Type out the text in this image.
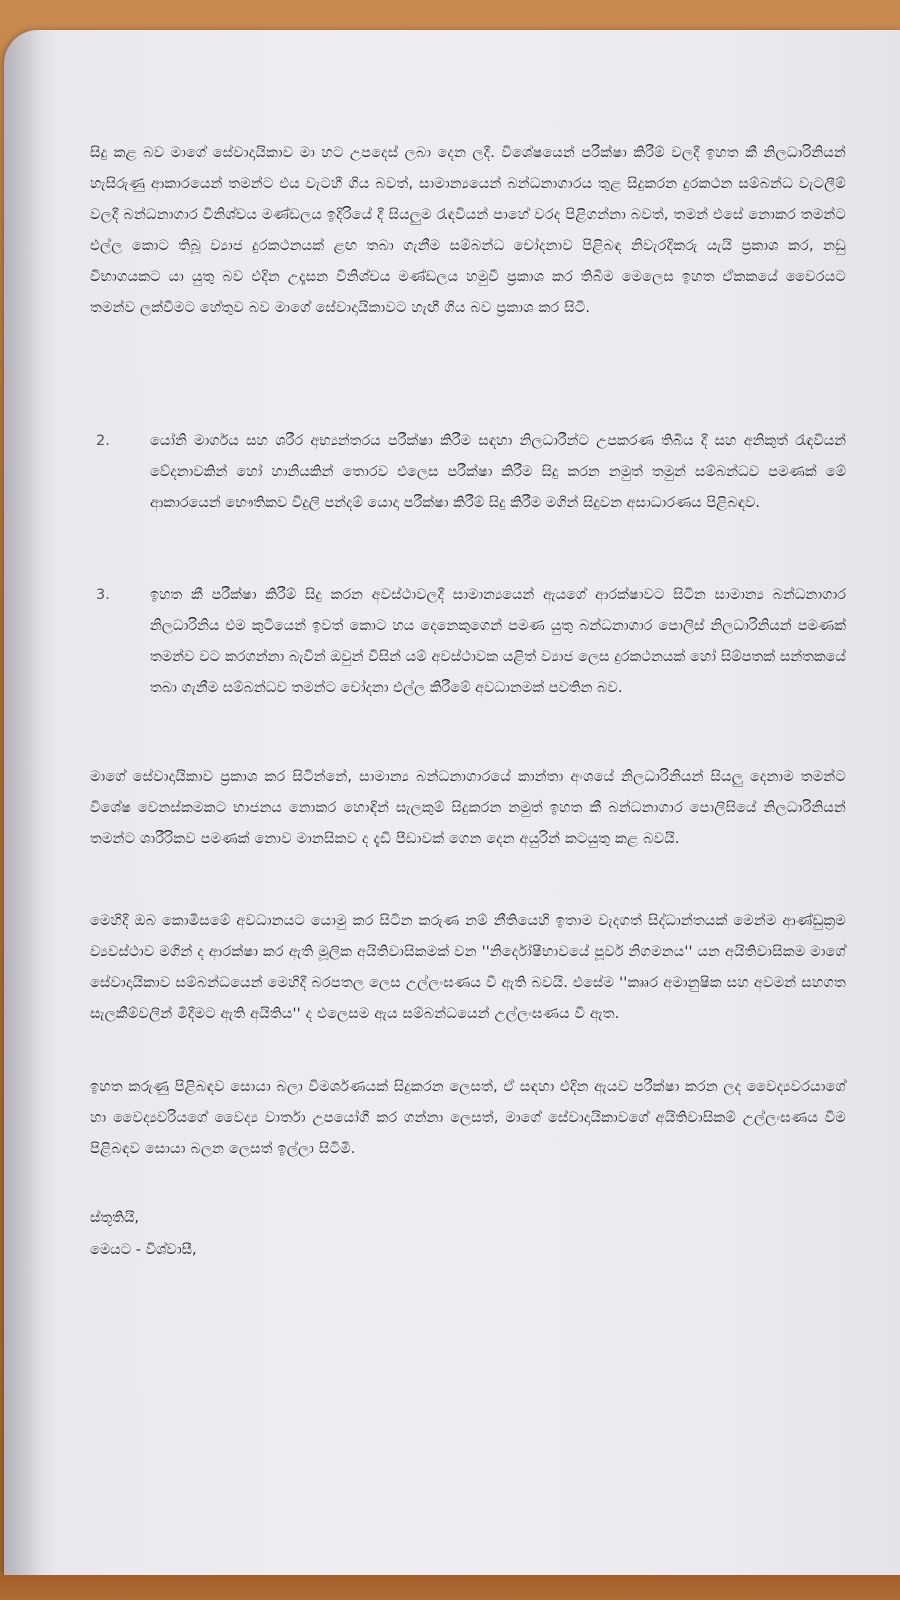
සිදු කළ බව මාගේ සේවාදායිකාව මා හට උපදෙස් ලබා දෙන ලදී. විශේෂයෙන් පරීක්ෂා කිරීම් වලදී ඉහත කී නිලධාරිනියන් හැසිරුණු ආකාරයෙන් තමන්ට එය වැටහී ගිය බවත්, සාමාන්‍යයෙන් බන්ධනාගාරය තුළ සිදුකරන දුරකථන සම්බන්ධ වැටලීම් වලදී බන්ධනාගාර විනිශ්චය මණ්ඩලය ඉදිරියේ දී සියලුම රැඳවියන් පාහේ වරද පිළිගන්නා බවත්, තමන් එසේ නොකර තමන්ට එල්ල කොට තිබූ ව්‍යාජ දුරකථනයක් ළඟ තබා ගැනීම සම්බන්ධ චෝදනාව පිළිබඳ නිවැරදිකරු යැයි ප්‍රකාශ කර, නඩු විභාගයකට යා යුතු බව එදින උදෑසන විනිශ්චය මණ්ඩලය හමුවී ප්‍රකාශ කර තිබීම මෙලෙස ඉහත ඒකකයේ වෛරයට තමන්ව ලක්වීමට හේතුව බව මාගේ සේවාදායිකාවට හැඟී ගිය බව ප්‍රකාශ කර සිටී.
2.	යෝනි මාර්ගය සහ ශරීර අභ්‍යන්තරය පරීක්ෂා කිරීම සඳහා නිලධාරීන්ට උපකරණ තිබිය දී සහ අනිකුත් රැඳවියන් වේදනාවකින් හෝ හානියකින් තොරව එලෙස පරීක්ෂා කිරීම සිදු කරන නමුත් තමුන් සම්බන්ධව පමණක් මේ ආකාරයෙන් භෞතිකව විදුලි පන්දම් යොදා පරීක්ෂා කිරීම් සිදු කිරීම මගින් සිදුවන අසාධාරණය පිළිබඳව.
3.	ඉහත කී පරීක්ෂා කිරීම් සිදු කරන අවස්ථාවලදී සාමාන්‍යයෙන් ඇයගේ ආරක්ෂාවට සිටින සාමාන්‍ය බන්ධනාගාර නිලධාරිනිය එම කුටියෙන් ඉවත් කොට හය දෙනෙකුගෙන් පමණ යුතු බන්ධනාගාර පොලිස් නිලධාරිනියන් පමණක් තමන්ව වට කරගන්නා බැවින් ඔවුන් විසින් යම් අවස්ථාවක යළිත් ව්‍යාජ ලෙස දුරකථනයක් හෝ සිම්පතක් සන්තකයේ තබා ගැනීම සම්බන්ධව තමන්ට චෝදනා එල්ල කිරීමේ අවධානමක් පවතින බව.
මාගේ සේවාදායිකාව ප්‍රකාශ කර සිටින්නේ, සාමාන්‍ය බන්ධනාගාරයේ කාන්තා අංශයේ නිලධාරිනියන් සියලු දෙනාම තමන්ට විශේෂ වෙනස්කමකට භාජනය නොකර හොඳින් සැලකුම් සිදුකරන නමුත් ඉහත කී බන්ධනාගාර පොලිසියේ නිලධාරිනියන් තමන්ට ශාරීරිකව පමණක් නොව මානසිකව ද දැඩි පීඩාවක් ගෙන දෙන අයුරින් කටයුතු කළ බවයි.
මෙහිදී ඔබ කොමිසමේ අවධානයට යොමු කර සිටින කරුණ නම් නීතියෙහි ඉතාම වැදගත් සිද්ධාන්තයක් මෙන්ම ආණ්ඩුක්‍රම ව්‍යවස්ථාව මගින් ද ආරක්ෂා කර ඇති මූලික අයිතිවාසිකමක් වන ''නිර්දෝෂීභාවයේ පූර්ව නිගමනය'' යන අයිතිවාසිකම මාගේ සේවාදායිකාව සම්බන්ධයෙන් මෙහිදී බරපතල ලෙස උල්ලංඝණය වී ඇති බවයි. එසේම ''කෲර අමානුෂික සහ අවමන් සහගත සැලකීම්වලින් මිදීමට ඇති අයිතිය'' ද එලෙසම ඇය සම්බන්ධයෙන් උල්ලංඝණය වී ඇත.
ඉහත කරුණු පිළිබඳව සොයා බලා විමර්ශණයක් සිදුකරන ලෙසත්, ඒ සඳහා එදින ඇයව පරීක්ෂා කරන ලද වෛද්‍යවරයාගේ හා වෛද්‍යවරියගේ වෛද්‍ය වාර්තා උපයෝගී කර ගන්නා ලෙසත්, මාගේ සේවාදායිකාවගේ අයිතිවාසිකම් උල්ලංඝණය වීම පිළිබඳව සොයා බලන ලෙසත් ඉල්ලා සිටිමි.
ස්තූතියි,
මෙයට - විශ්වාසී,
